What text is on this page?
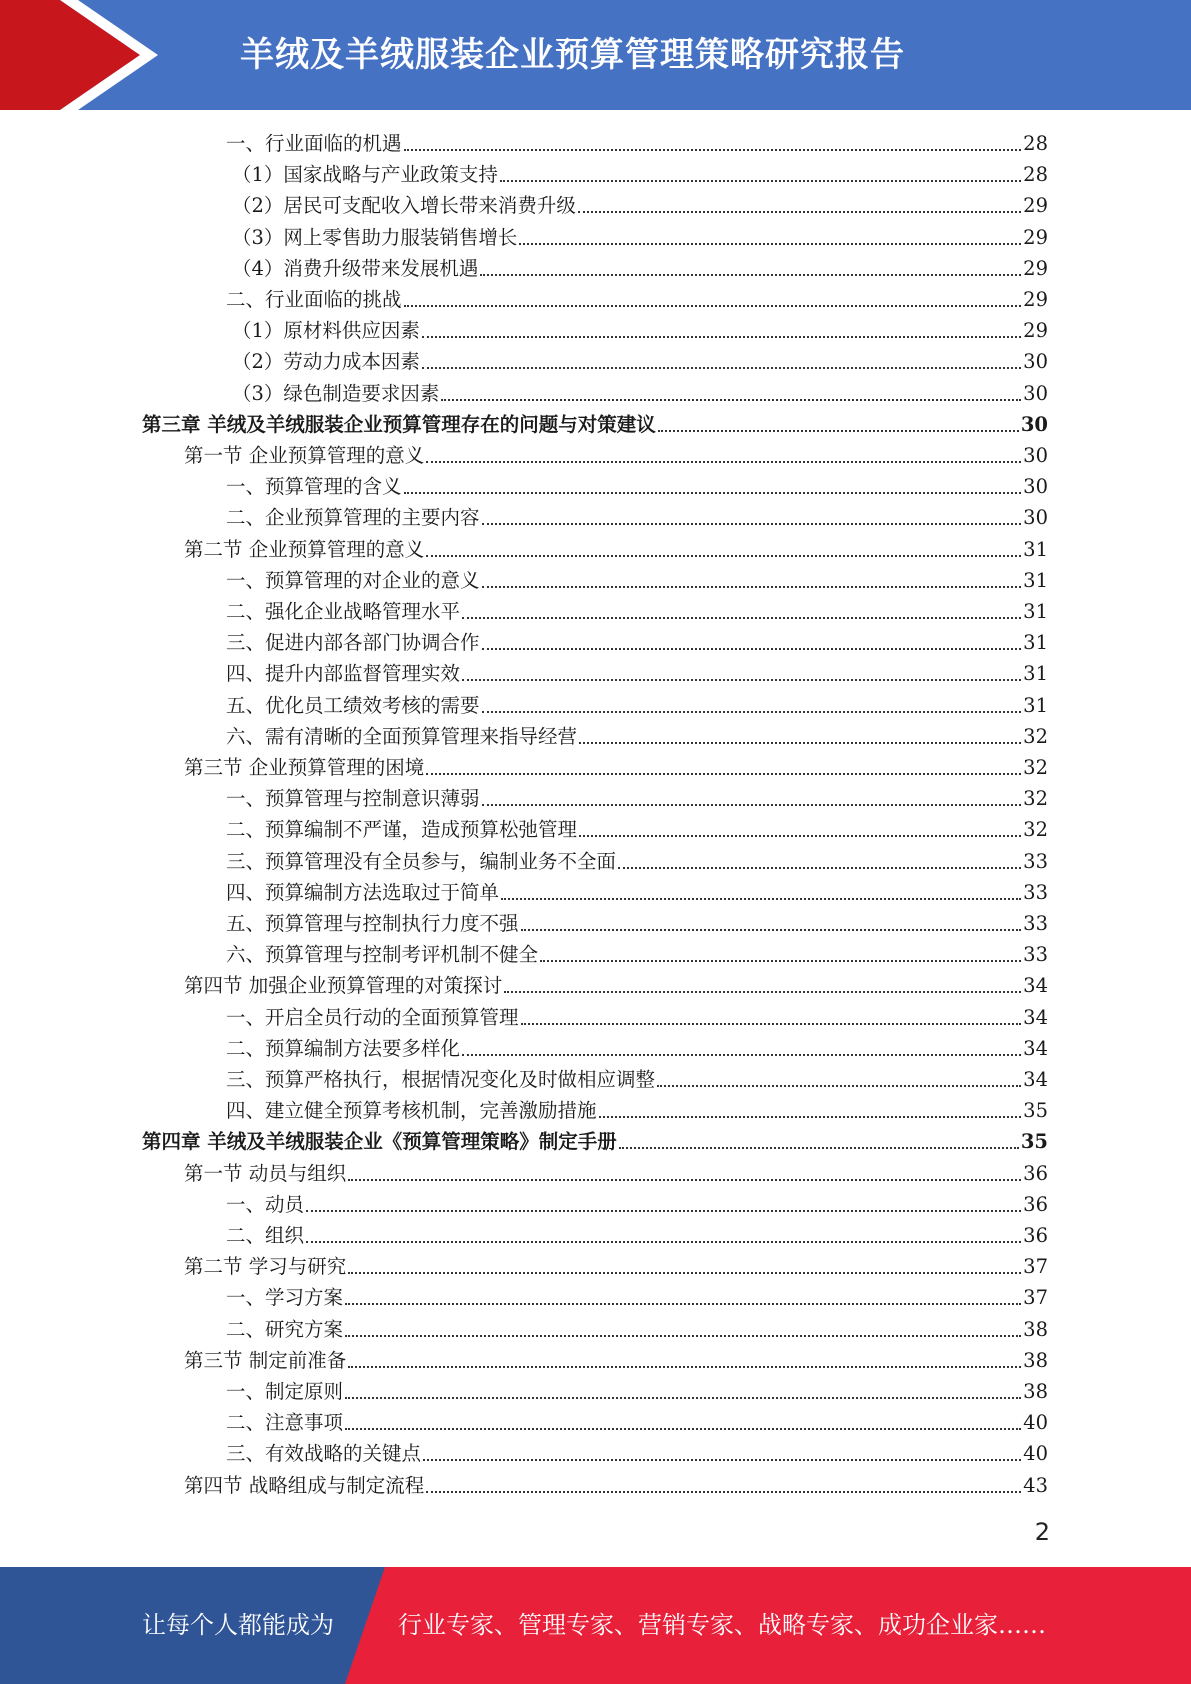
羊绒及羊绒服装企业预算管理策略研究报告
一、行业面临的机遇	28
（1）国家战略与产业政策支持	28
（2）居民可支配收入增长带来消费升级	29
（3）网上零售助力服装销售增长	29
（4）消费升级带来发展机遇	29
二、行业面临的挑战	29
（1）原材料供应因素	29
（2）劳动力成本因素	30
（3）绿色制造要求因素	30
第三章 羊绒及羊绒服装企业预算管理存在的问题与对策建议	30
第一节 企业预算管理的意义	30
一、预算管理的含义	30
二、企业预算管理的主要内容	30
第二节 企业预算管理的意义	31
一、预算管理的对企业的意义	31
二、强化企业战略管理水平	31
三、促进内部各部门协调合作	31
四、提升内部监督管理实效	31
五、优化员工绩效考核的需要	31
六、需有清晰的全面预算管理来指导经营	32
第三节 企业预算管理的困境	32
一、预算管理与控制意识薄弱	32
二、预算编制不严谨，造成预算松弛管理	32
三、预算管理没有全员参与，编制业务不全面	33
四、预算编制方法选取过于简单	33
五、预算管理与控制执行力度不强	33
六、预算管理与控制考评机制不健全	33
第四节 加强企业预算管理的对策探讨	34
一、开启全员行动的全面预算管理	34
二、预算编制方法要多样化	34
三、预算严格执行，根据情况变化及时做相应调整	34
四、建立健全预算考核机制，完善激励措施	35
第四章 羊绒及羊绒服装企业《预算管理策略》制定手册	35
第一节 动员与组织	36
一、动员	36
二、组织	36
第二节 学习与研究	37
一、学习方案	37
二、研究方案	38
第三节 制定前准备	38
一、制定原则	38
二、注意事项	40
三、有效战略的关键点	40
第四节 战略组成与制定流程	43
2
让每个人都能成为	行业专家、管理专家、营销专家、战略专家、成功企业家……
